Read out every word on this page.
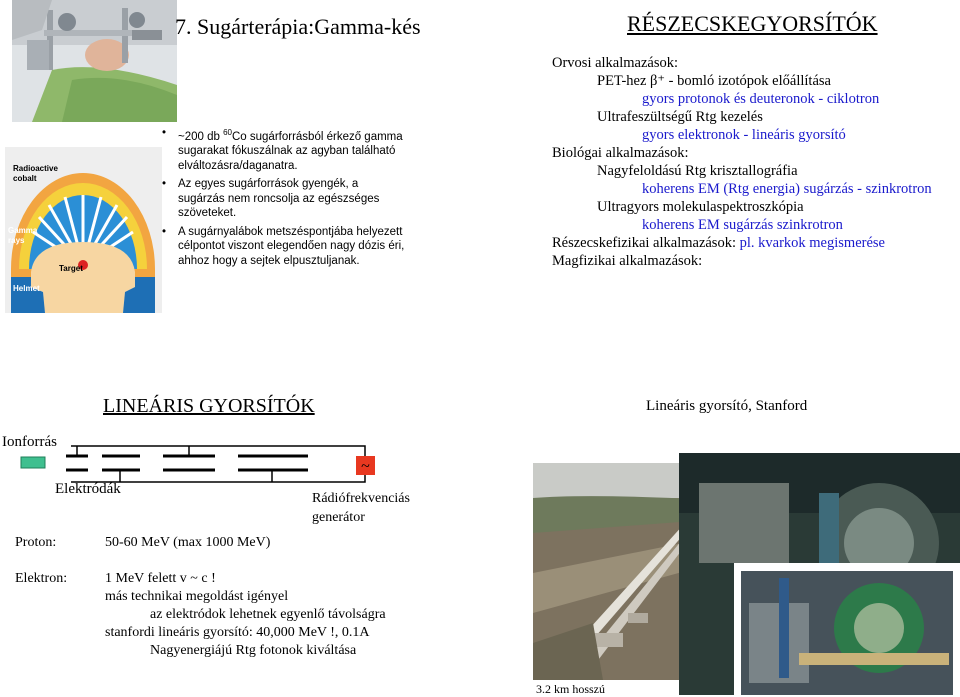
Radioactive
cobalt
Gamma
rays
Target
Helmet
7. Sugárterápia:Gamma-kés
• ~200 db $^{60}$Co sugárforrásból érkező gamma sugarakat fókuszálnak az agyban található elváltozásra/daganatra.
• Az egyes sugárforrások gyengék, a sugárzás nem roncsolja az egészséges szöveteket.
• A sugárnyalábok metszéspontjába helyezett célpontot viszont elegendően nagy dózis éri, ahhoz hogy a sejtek elpusztuljanak.
RÉSZECSKEGYORSÍTÓK
Orvosi alkalmazások:
PET-hez β⁺ - bomló izotópok előállítása
gyors protonok és deuteronok - ciklotron
Ultrafeszültségű Rtg kezelés
gyors elektronok - lineáris gyorsító
Biológai alkalmazások:
Nagyfeloldású Rtg krisztallográfia
koherens EM (Rtg energia) sugárzás - szinkrotron
Ultragyors molekulaspektroszkópia
koherens EM sugárzás szinkrotron
Részecskefizikai alkalmazások: pl. kvarkok megismerése
Magfizikai alkalmazások:
LINEÁRIS GYORSÍTÓK	Lineáris gyorsító, Stanford
Ionforrás
~
Elektródák
Rádiófrekvenciás
generátor
Proton:	50-60 MeV (max 1000 MeV)
Elektron:	1 MeV felett v ~ c !
más technikai megoldást igényel
az elektródok lehetnek egyenlő távolságra
stanfordi lineáris gyorsító: 40,000 MeV !, 0.1A
Nagyenergiájú Rtg fotonok kiváltása
3.2 km hosszú
